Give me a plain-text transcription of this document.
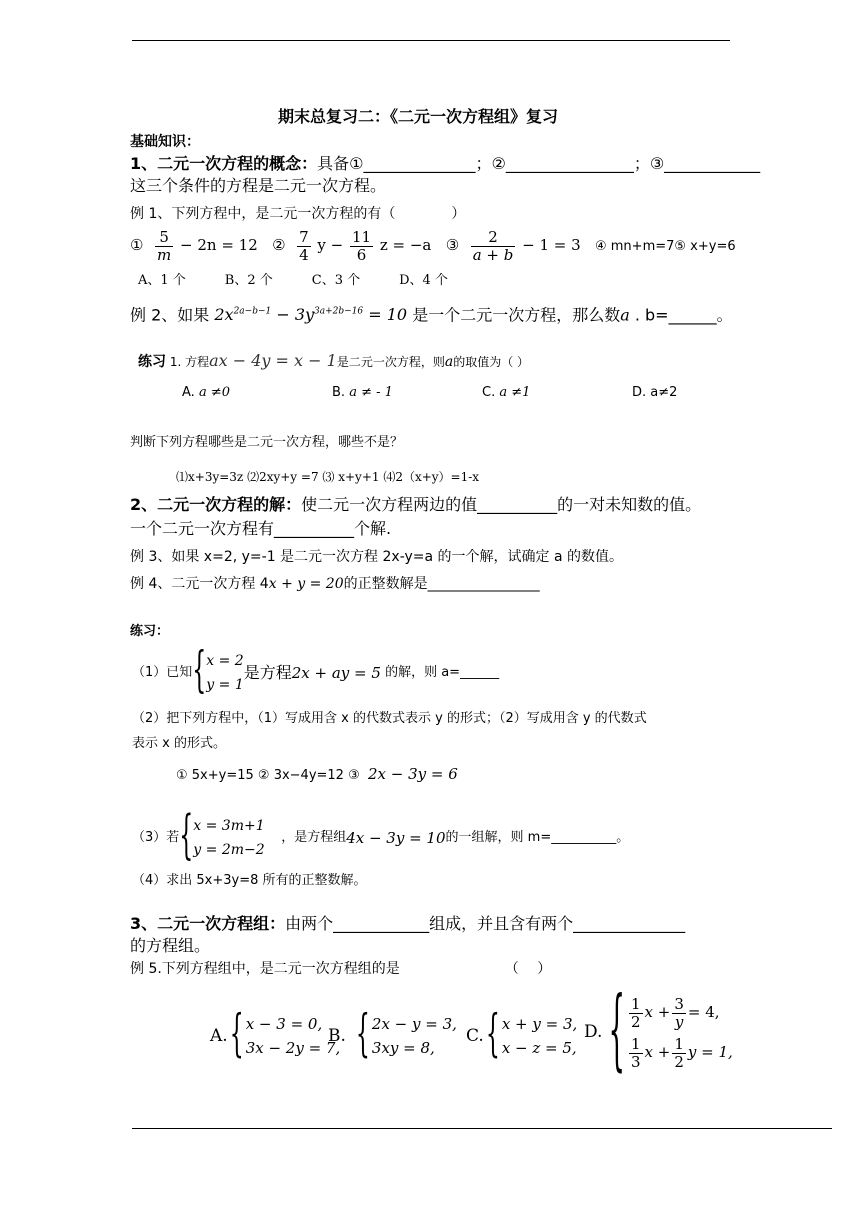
期末总复习二：《二元一次方程组》复习
基础知识：
1、二元一次方程的概念：具备①______________；②________________；③____________
这三个条件的方程是二元一次方程。
例 1、下列方程中，是二元一次方程的有（　　　　）
① $\frac{5}{m} - 2n = 12$ ② $\frac{7}{4}$ $y - \frac{11}{6}$ z = −a ③ $\frac{2}{a + b} - 1 = 3$ ④ mn+m=7⑤ x+y=6
A、1 个　　　B、2 个　　　C、3 个　　　D、4 个
例 2、如果 $2x^{2a-b-1} - 3y^{3a+2b-16} = 10$ 是一个二元一次方程，那么数a . b=______。
练习 1. 方程ax − 4y = x − 1是二元一次方程，则a的取值为（ ）
A. a ≠0	B. a ≠ - 1	C. a ≠1	D. a≠2
判断下列方程哪些是二元一次方程，哪些不是？
⑴x+3y=3z ⑵2xy+y =7 ⑶ x+y+1 ⑷2（x+y）=1-x
2、二元一次方程的解：使二元一次方程两边的值__________的一对未知数的值。
一个二元一次方程有__________个解.
例 3、如果 x=2, y=-1 是二元一次方程 2x-y=a 的一个解，试确定 a 的数值。
例 4、二元一次方程 4x + y = 20的正整数解是________________
练习：
（1）已知 { x = 2
y = 1
是方程 2x + ay = 5
的解，则 a=______
（2）把下列方程中，（1）写成用含 x 的代数式表示 y 的形式；（2）写成用含 y 的代数式
表示 x 的形式。
① 5x+y=15 ② 3x−4y=12 ③ 2x − 3y = 6
（3）若 { x = 3m+1
y = 2m−2

，是方程组 4x − 3y = 10 的一组解，则 m=__________。
（4）求出 5x+3y=8 所有的正整数解。
3、二元一次方程组：由两个____________组成，并且含有两个______________
的方程组。
例 5.下列方程组中，是二元一次方程组的是　　　　　　　　（　 ）
A. { x − 3 = 0,
3x − 2y = 7,
B. { 2x − y = 3,
3xy = 8,
C. { x + y = 3,
x − z = 5,
D. { $\frac{1}{2}$ $x + \frac{3}{y} = 4$,
$\frac{1}{3}$ $x + \frac{1}{2}$ y = 1,
